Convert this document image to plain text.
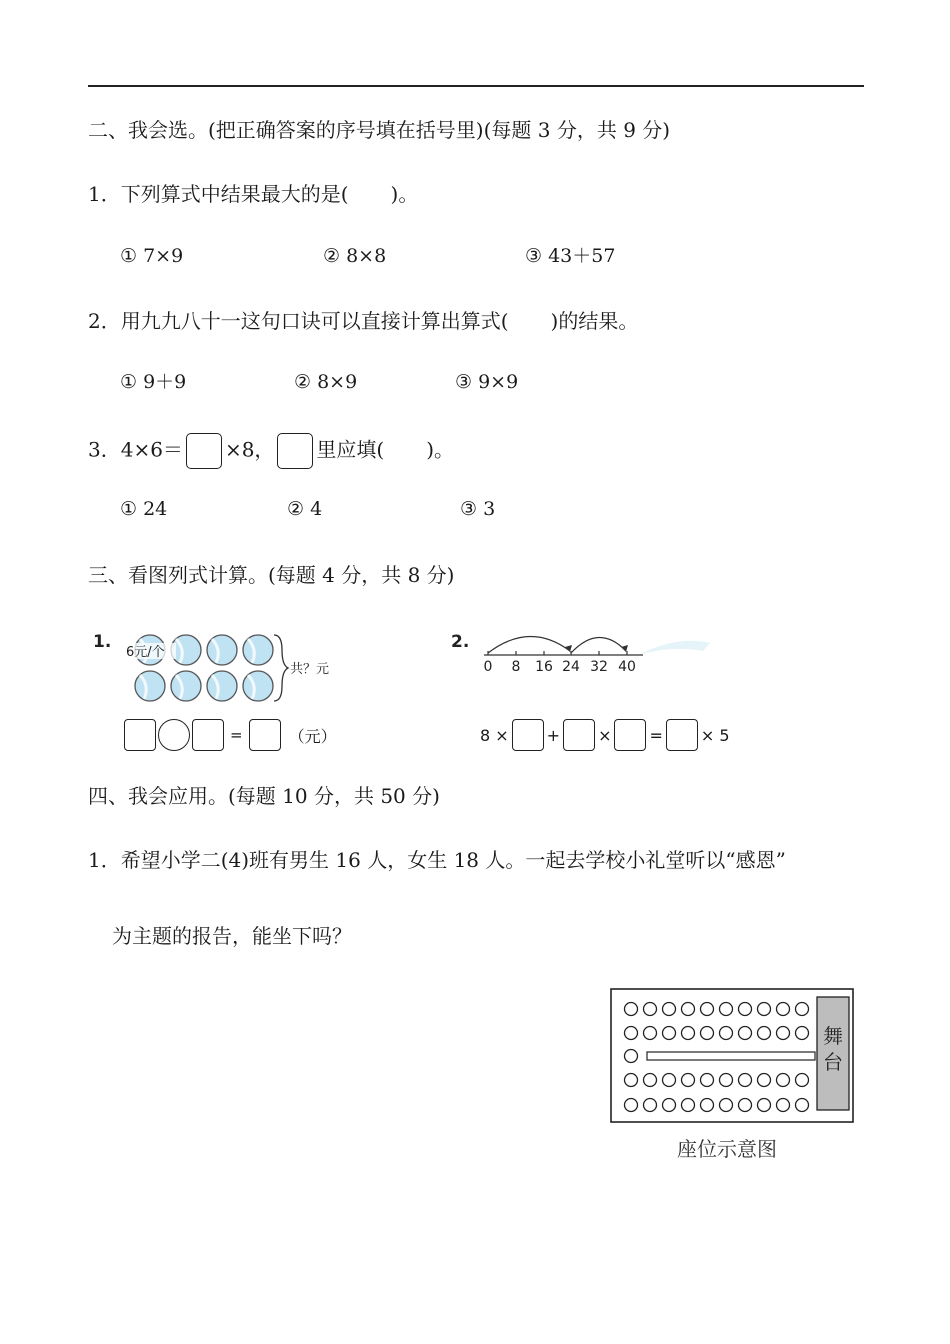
二、我会选。(把正确答案的序号填在括号里)(每题 3 分，共 9 分)
1．下列算式中结果最大的是( )。
① 7×9	② 8×8	③ 43＋57
2．用九九八十一这句口诀可以直接计算出算式( )的结果。
① 9＋9	② 8×9	③ 9×9
3．4×6＝ ×8， 里应填( )。
① 24	② 4	③ 3
三、看图列式计算。(每题 4 分，共 8 分)
1.
6元/个
共？元
=	（元）
2.
0 8 16 24 32 40
8 × + × = × 5
四、我会应用。(每题 10 分，共 50 分)
1．希望小学二(4)班有男生 16 人，女生 18 人。一起去学校小礼堂听以“感恩”
为主题的报告，能坐下吗？
舞
台
座位示意图
